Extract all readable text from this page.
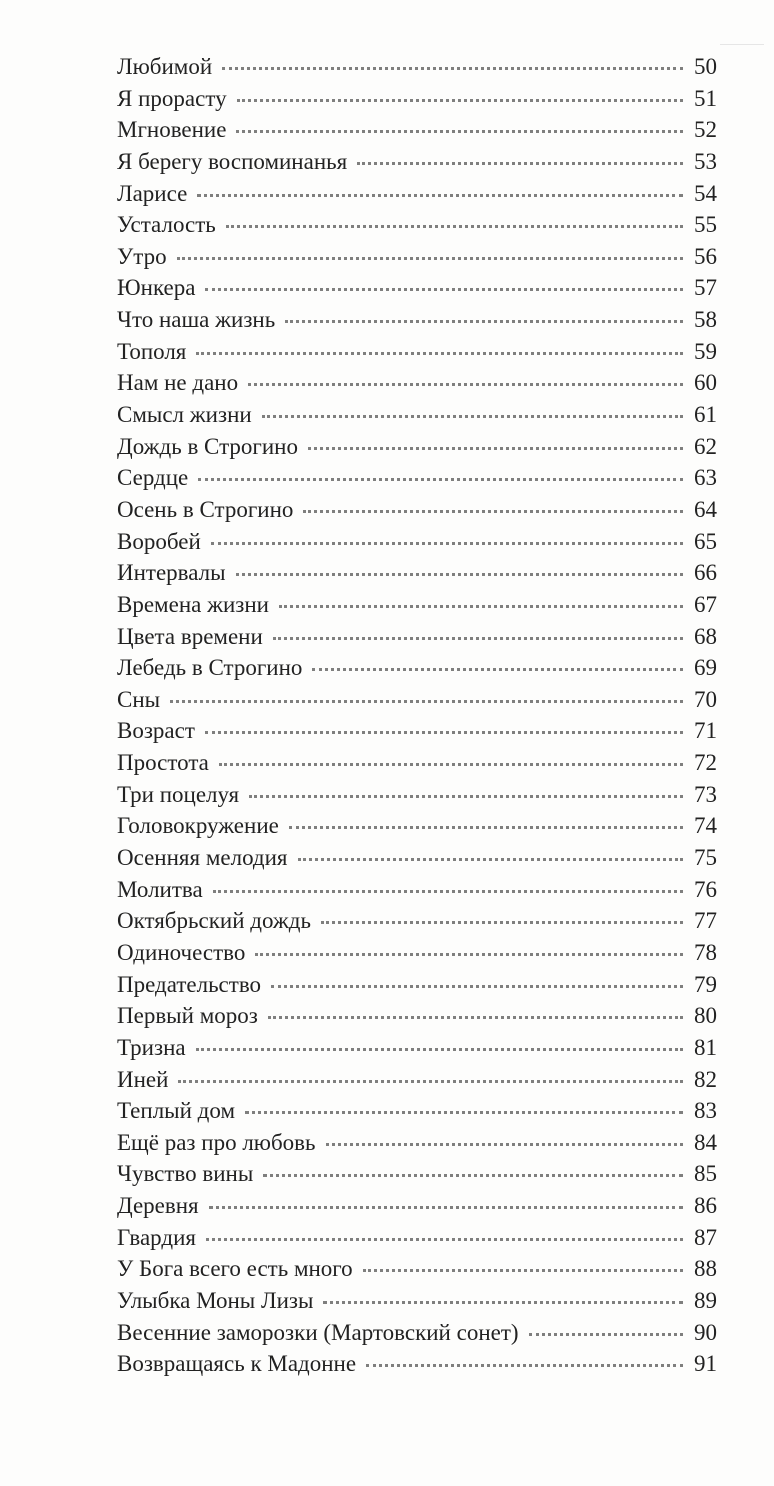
Любимой	50
Я прорасту	51
Мгновение	52
Я берегу воспоминанья	53
Ларисе	54
Усталость	55
Утро	56
Юнкера	57
Что наша жизнь	58
Тополя	59
Нам не дано	60
Смысл жизни	61
Дождь в Строгино	62
Сердце	63
Осень в Строгино	64
Воробей	65
Интервалы	66
Времена жизни	67
Цвета времени	68
Лебедь в Строгино	69
Сны	70
Возраст	71
Простота	72
Три поцелуя	73
Головокружение	74
Осенняя мелодия	75
Молитва	76
Октябрьский дождь	77
Одиночество	78
Предательство	79
Первый мороз	80
Тризна	81
Иней	82
Теплый дом	83
Ещё раз про любовь	84
Чувство вины	85
Деревня	86
Гвардия	87
У Бога всего есть много	88
Улыбка Моны Лизы	89
Весенние заморозки (Мартовский сонет)	90
Возвращаясь к Мадонне	91
